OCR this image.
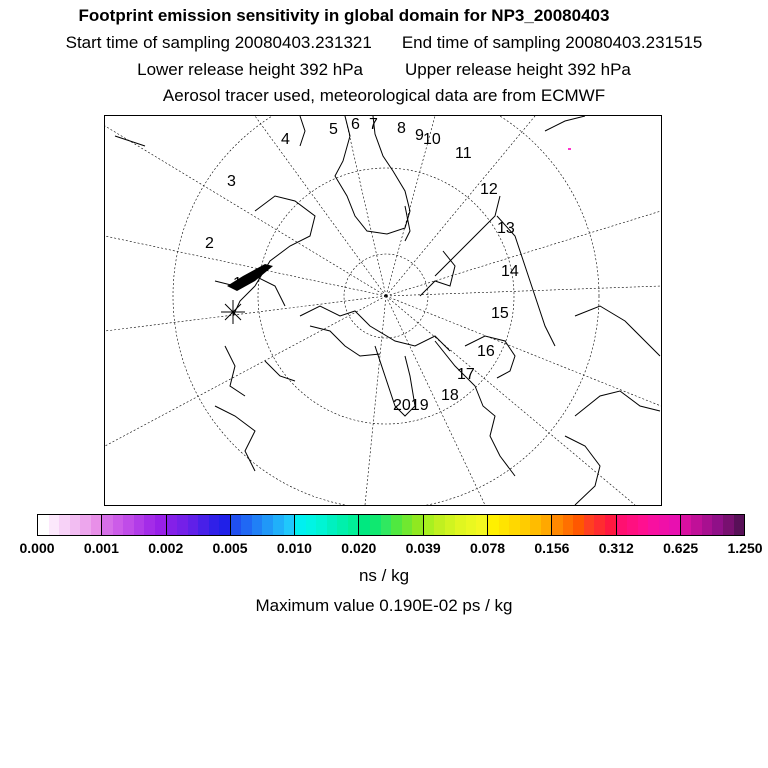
Footprint emission sensitivity in global domain for NP3_20080403
Start time of sampling 20080403.231321 End time of sampling 20080403.231515
Lower release height 392 hPa Upper release height 392 hPa
Aerosol tracer used, meteorological data are from ECMWF
1
2
3
4
5 6 7 8 9 10
11
12
13
14
15
16
17
18
2019
0.000 0.001 0.002 0.005 0.010 0.020 0.039 0.078 0.156 0.312 0.625 1.250
ns / kg
Maximum value 0.190E-02 ps / kg
